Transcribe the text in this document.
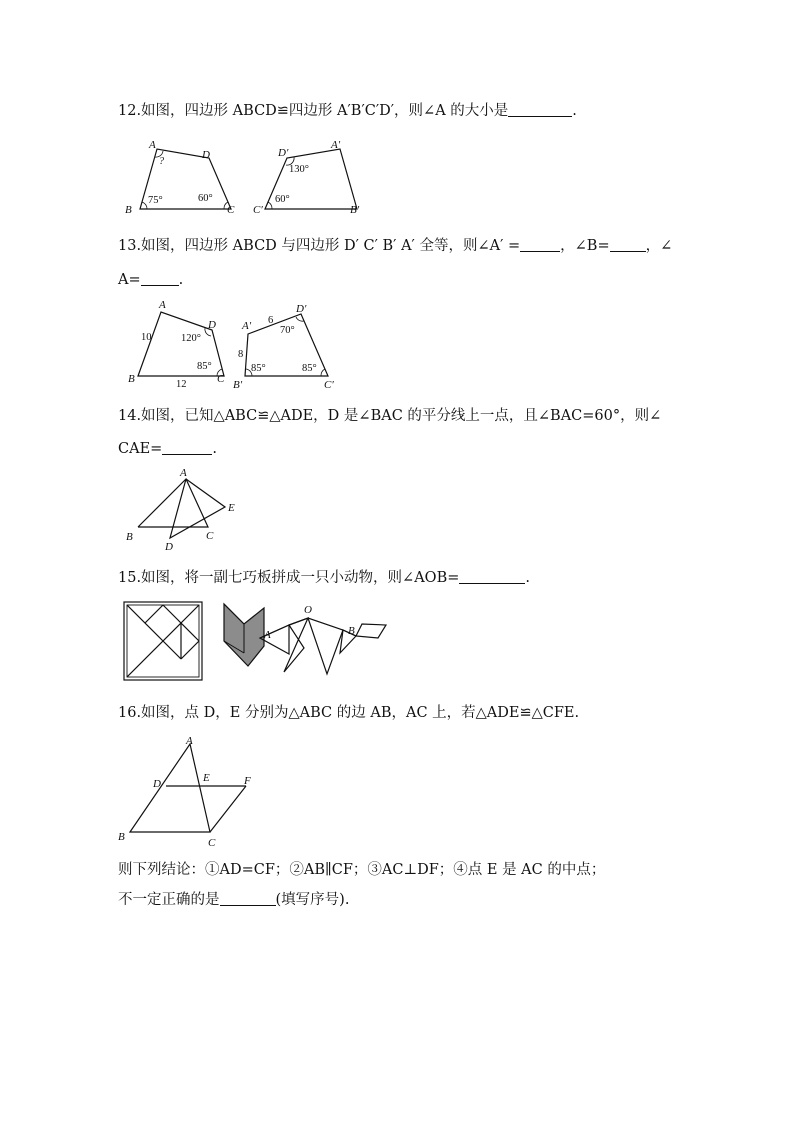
12.如图，四边形 ABCD≌四边形 A′B′C′D′，则∠A 的大小是	.
A
B	C
D
75°	60°
?
D′
A′
C′	B′
130°
60°
13.如图，四边形 ABCD 与四边形 D′ C′ B′ A′ 全等，则∠A′ =	，∠B= ，∠
A=	.
A
B	C
D
10
12
120°
85°
A′
D′
B′	C′
6
8
70°
85°	85°
14.如图，已知△ABC≌△ADE，D 是∠BAC 的平分线上一点，且∠BAC=60°，则∠
CAE=	.
A
B	C
D
E
15.如图，将一副七巧板拼成一只小动物，则∠AOB=	.
A
O
B
16.如图，点 D，E 分别为△ABC 的边 AB，AC 上，若△ADE≌△CFE.
A
B	C
D	E	F
则下列结论：①AD=CF；②AB∥CF；③AC⊥DF；④点 E 是 AC 的中点；
不一定正确的是	(填写序号).
